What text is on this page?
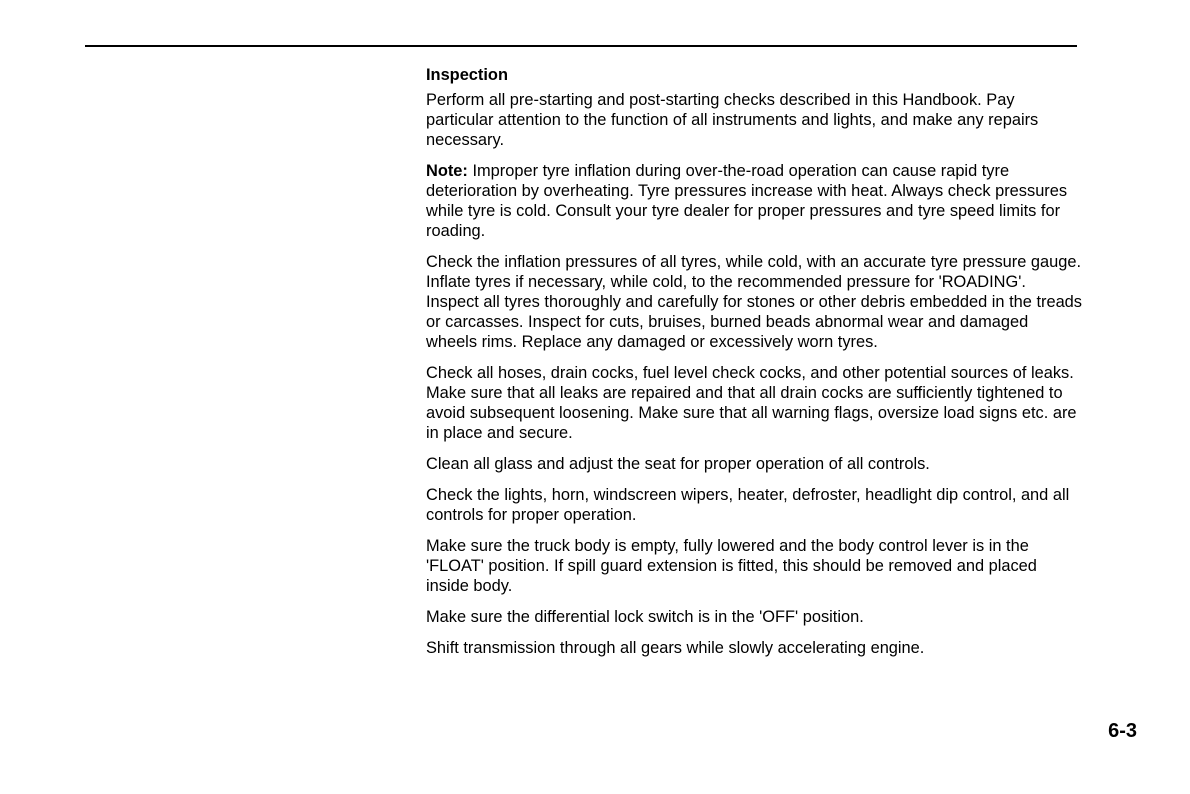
Inspection

Perform all pre-starting and post-starting checks described in this Handbook. Pay particular attention to the function of all instruments and lights, and make any repairs necessary.

Note: Improper tyre inflation during over-the-road operation can cause rapid tyre deterioration by overheating. Tyre pressures increase with heat. Always check pressures while tyre is cold. Consult your tyre dealer for proper pressures and tyre speed limits for roading.

Check the inflation pressures of all tyres, while cold, with an accurate tyre pressure gauge. Inflate tyres if necessary, while cold, to the recommended pressure for 'ROADING'. Inspect all tyres thoroughly and carefully for stones or other debris embedded in the treads or carcasses. Inspect for cuts, bruises, burned beads abnormal wear and damaged wheels rims. Replace any damaged or excessively worn tyres.

Check all hoses, drain cocks, fuel level check cocks, and other potential sources of leaks. Make sure that all leaks are repaired and that all drain cocks are sufficiently tightened to avoid subsequent loosening. Make sure that all warning flags, oversize load signs etc. are in place and secure.

Clean all glass and adjust the seat for proper operation of all controls.

Check the lights, horn, windscreen wipers, heater, defroster, headlight dip control, and all controls for proper operation.

Make sure the truck body is empty, fully lowered and the body control lever is in the 'FLOAT' position. If spill guard extension is fitted, this should be removed and placed inside body.

Make sure the differential lock switch is in the 'OFF' position.

Shift transmission through all gears while slowly accelerating engine.

6-3
